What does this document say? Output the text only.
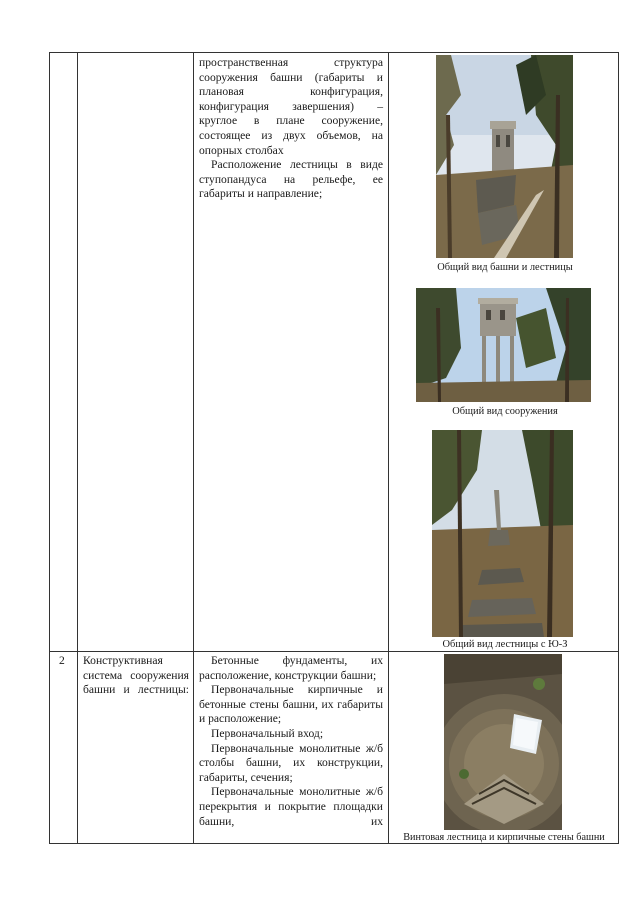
пространственная структура сооружения башни (габариты и плановая конфигурация, конфигурация завершения) – круглое в плане сооружение, состоящее из двух объемов, на опорных столбах

Расположение лестницы в виде ступопандуса на рельефе, ее габариты и направление;

Общий вид башни и лестницы
Общий вид сооружения
Общий вид лестницы с Ю-З
2 Конструктивная система сооружения башни и лестницы:

Бетонные фундаменты, их расположение, конструкции башни;

Первоначальные кирпичные и бетонные стены башни, их габариты и расположение;

Первоначальный вход;

Первоначальные монолитные ж/б столбы башни, их конструкции, габариты, сечения;

Первоначальные монолитные ж/б перекрытия и покрытие площадки башни, их

Винтовая лестница и кирпичные стены башни
